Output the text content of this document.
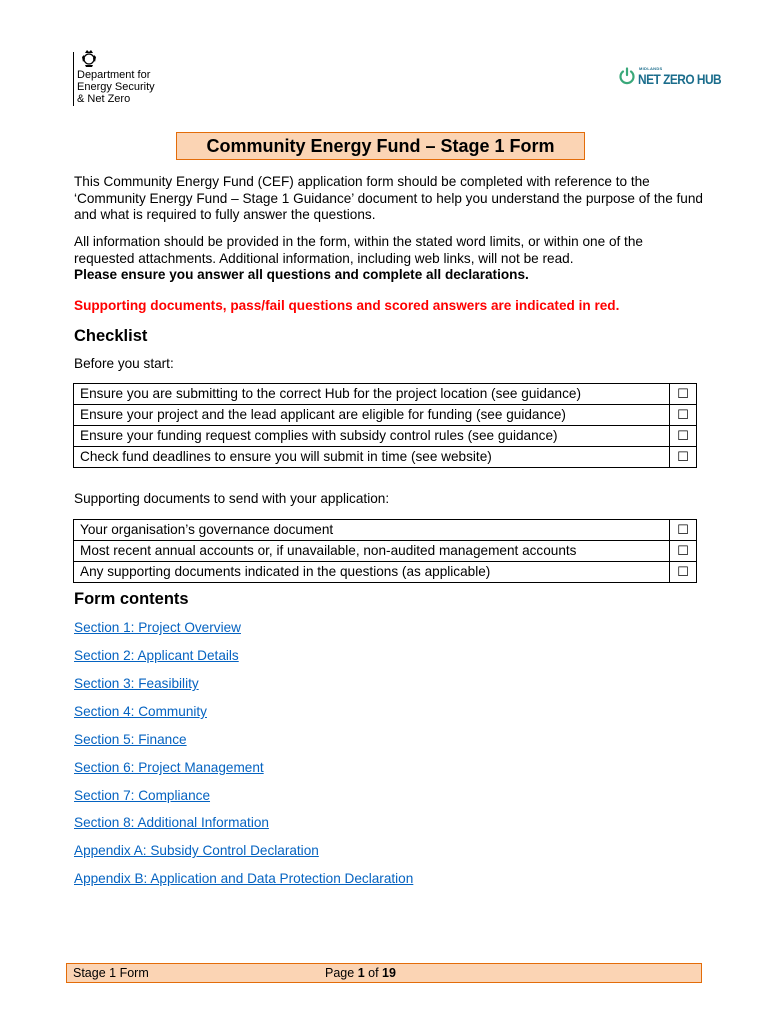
Department for
Energy Security
& Net Zero
MIDLANDS
NET ZERO HUB
Community Energy Fund – Stage 1 Form
This Community Energy Fund (CEF) application form should be completed with reference to the ‘Community Energy Fund – Stage 1 Guidance’ document to help you understand the purpose of the fund and what is required to fully answer the questions.
All information should be provided in the form, within the stated word limits, or within one of the requested attachments. Additional information, including web links, will not be read.
Please ensure you answer all questions and complete all declarations.
Supporting documents, pass/fail questions and scored answers are indicated in red.
Checklist
Before you start:
Ensure you are submitting to the correct Hub for the project location (see guidance)	☐
Ensure your project and the lead applicant are eligible for funding (see guidance)	☐
Ensure your funding request complies with subsidy control rules (see guidance)	☐
Check fund deadlines to ensure you will submit in time (see website)	☐
Supporting documents to send with your application:
Your organisation’s governance document	☐
Most recent annual accounts or, if unavailable, non-audited management accounts	☐
Any supporting documents indicated in the questions (as applicable)	☐
Form contents
Section 1: Project Overview
Section 2: Applicant Details
Section 3: Feasibility
Section 4: Community
Section 5: Finance
Section 6: Project Management
Section 7: Compliance
Section 8: Additional Information
Appendix A: Subsidy Control Declaration
Appendix B: Application and Data Protection Declaration
Stage 1 Form	Page 1 of 19
